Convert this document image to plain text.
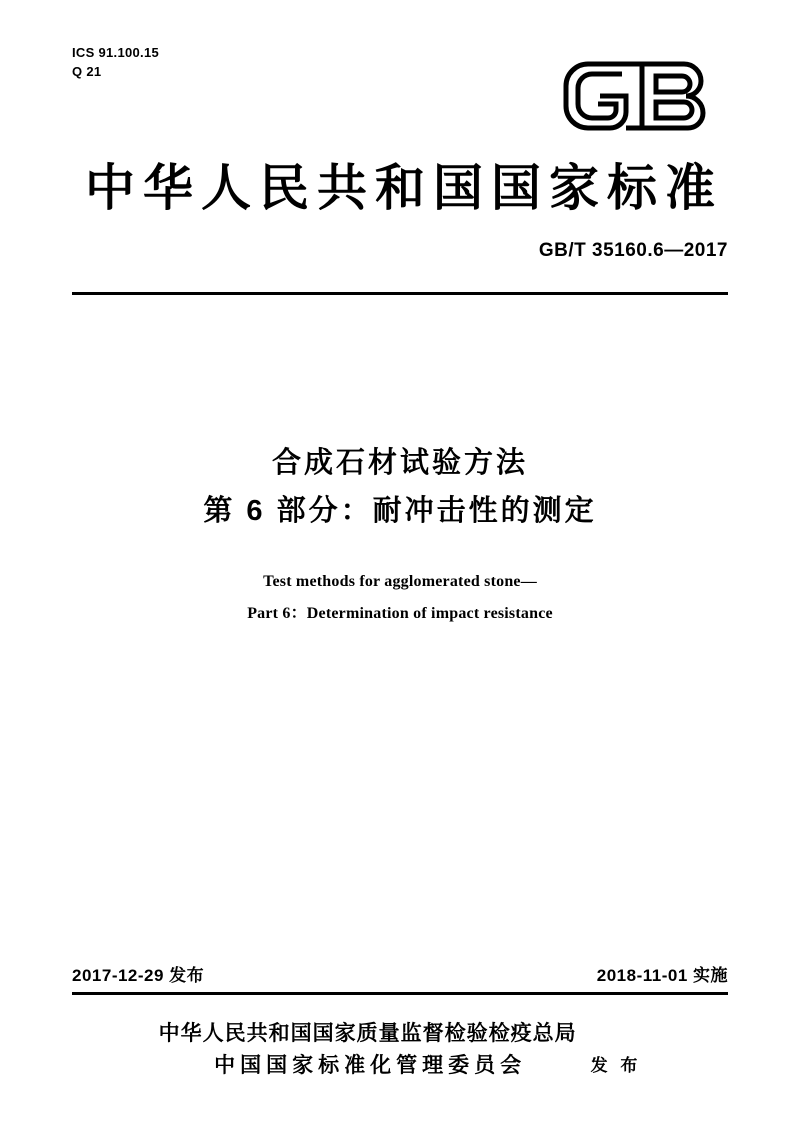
ICS 91.100.15
Q 21
中华人民共和国国家标准
GB/T 35160.6—2017
合成石材试验方法
第 6 部分：耐冲击性的测定
Test methods for agglomerated stone—
Part 6：Determination of impact resistance
2017-12-29 发布	2018-11-01 实施
中华人民共和国国家质量监督检验检疫总局
中国国家标准化管理委员会	发 布
